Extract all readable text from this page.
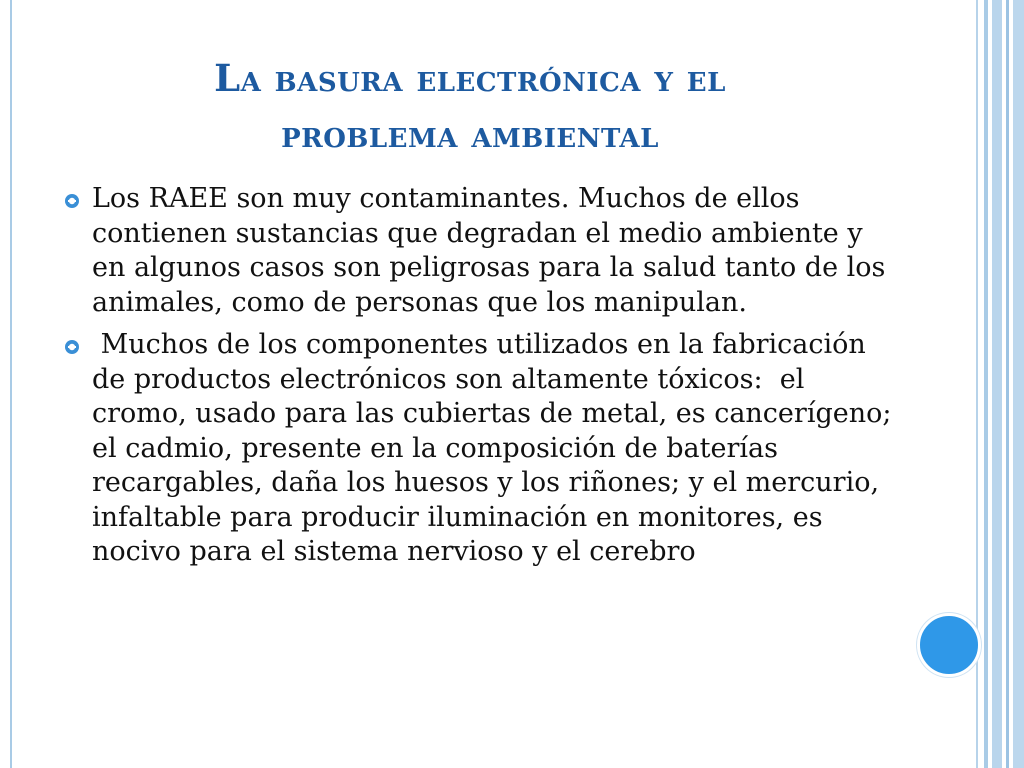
La basura electrónica y el
problema ambiental
Los RAEE son muy contaminantes. Muchos de ellos contienen sustancias que degradan el medio ambiente y en algunos casos son peligrosas para la salud tanto de los animales, como de personas que los manipulan.
Muchos de los componentes utilizados en la fabricación de productos electrónicos son altamente tóxicos:  el cromo, usado para las cubiertas de metal, es cancerígeno; el cadmio, presente en la composición de baterías recargables, daña los huesos y los riñones; y el mercurio, infaltable para producir iluminación en monitores, es nocivo para el sistema nervioso y el cerebro
